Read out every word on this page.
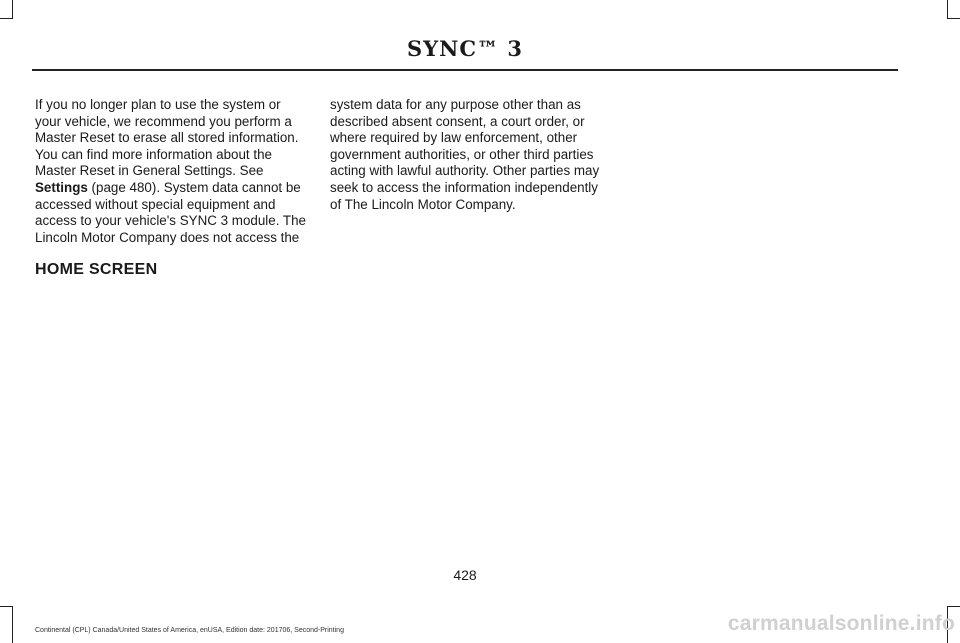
SYNC™ 3

If you no longer plan to use the system or your vehicle, we recommend you perform a Master Reset to erase all stored information. You can find more information about the Master Reset in General Settings. See Settings (page 480). System data cannot be accessed without special equipment and access to your vehicle's SYNC 3 module. The Lincoln Motor Company does not access the

system data for any purpose other than as described absent consent, a court order, or where required by law enforcement, other government authorities, or other third parties acting with lawful authority. Other parties may seek to access the information independently of The Lincoln Motor Company.

HOME SCREEN
428
Continental (CPL) Canada/United States of America, enUSA, Edition date: 201706, Second-Printing	carmanualsonline.info
